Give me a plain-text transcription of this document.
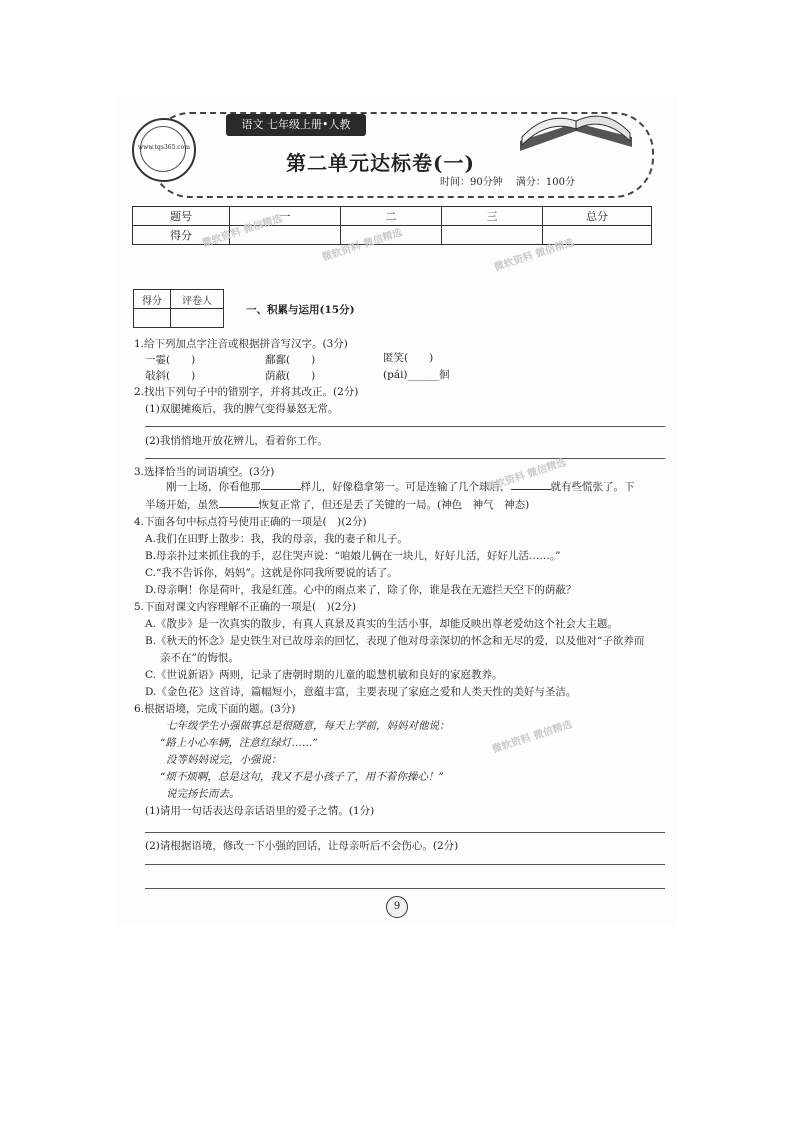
www.tqs365.com
语文 七年级上册•人教
第二单元达标卷(一)
时间：90分钟　 满分：100分
题号	一	二	三	总分
得分				
得分	评卷人

一、积累与运用(15分)
1.给下列加点字注音或根据拼音写汉字。(3分)
一霎(　　)	鄱鄱(　　)	匿笑(　　)
敧斜(　　)	荫蔽(　　)	(pái)______徊
2.找出下列句子中的错别字，并将其改正。(2分)
(1)双腿摊痪后，我的脾气变得暴怒无常。
(2)我悄悄地开放花辨儿，看着你工作。
3.选择恰当的词语填空。(3分)
刚一上场，你看他那	样儿，好像稳拿第一。可是连输了几个球后，	就有些慌张了。下
半场开始，虽然	恢复正常了，但还是丢了关键的一局。(神色　神气　神态)
4.下面各句中标点符号使用正确的一项是(　)(2分)
A.我们在田野上散步：我，我的母亲，我的妻子和儿子。
B.母亲扑过来抓住我的手，忍住哭声说：“咱娘儿俩在一块儿，好好儿活，好好儿活……。”
C.“我不告诉你，妈妈”。这就是你同我所要说的话了。
D.母亲啊！你是荷叶，我是红莲。心中的雨点来了，除了你，谁是我在无遮拦天空下的荫蔽？
5.下面对课文内容理解不正确的一项是(　)(2分)
A.《散步》是一次真实的散步，有真人真景及真实的生活小事，却能反映出尊老爱幼这个社会大主题。
B.《秋天的怀念》是史铁生对已故母亲的回忆，表现了他对母亲深切的怀念和无尽的爱，以及他对“子欲养而
亲不在”的悔恨。
C.《世说新语》两则，记录了唐朝时期的儿童的聪慧机敏和良好的家庭教养。
D.《金色花》这首诗，篇幅短小，意蕴丰富，主要表现了家庭之爱和人类天性的美好与圣洁。
6.根据语境，完成下面的题。(3分)
七年级学生小强做事总是很随意，每天上学前，妈妈对他说：
“路上小心车辆，注意红绿灯……”
没等妈妈说完，小强说：
“烦不烦啊，总是这句，我又不是小孩子了，用不着你操心！”
说完扬长而去。
(1)请用一句话表达母亲话语里的爱子之情。(1分)
(2)请根据语境，修改一下小强的回话，让母亲听后不会伤心。(2分)
微软资料 微信精选	微软资料 微信精选	微软资料 微信精选
微软资料 微信精选
微软资料 微信精选
9
